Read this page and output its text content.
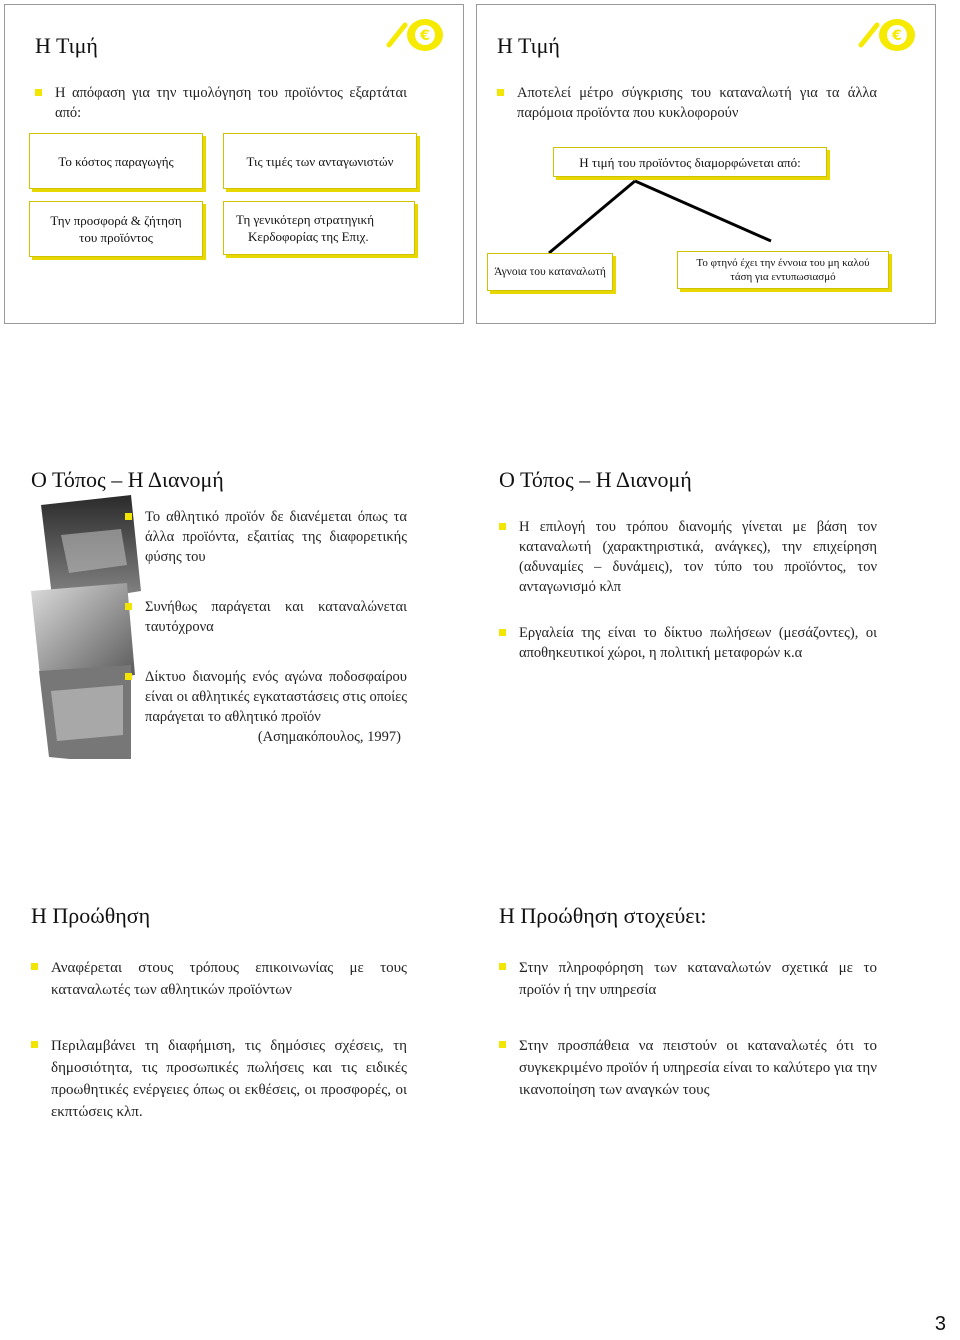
Η Τιμή	€
Η απόφαση για την τιμολόγηση του προϊόντος εξαρτάται από:
Το κόστος παραγωγής	Τις τιμές των ανταγωνιστών
Την προσφορά & ζήτηση
του προϊόντος
Τη γενικότερη στρατηγική
Κερδοφορίας της Επιχ.
Η Τιμή	€
Αποτελεί μέτρο σύγκρισης του καταναλωτή για τα άλλα παρόμοια προϊόντα που κυκλοφορούν
Η τιμή του προϊόντος διαμορφώνεται από:
Άγνοια του καταναλωτή
Το φτηνό έχει την έννοια του μη καλού
τάση για εντυπωσιασμό
Ο Τόπος – Η Διανομή
Το αθλητικό προϊόν δε διανέμεται όπως τα άλλα προϊόντα, εξαιτίας της διαφορετικής φύσης του
Συνήθως παράγεται και καταναλώνεται ταυτόχρονα
Δίκτυο διανομής ενός αγώνα ποδοσφαίρου είναι οι αθλητικές εγκαταστάσεις στις οποίες παράγεται το αθλητικό προϊόν
(Ασημακόπουλος, 1997)
Ο Τόπος – Η Διανομή
Η επιλογή του τρόπου διανομής γίνεται με βάση τον καταναλωτή (χαρακτηριστικά, ανάγκες), την επιχείρηση (αδυναμίες – δυνάμεις), τον τύπο του προϊόντος, τον ανταγωνισμό κλπ
Εργαλεία της είναι το δίκτυο πωλήσεων (μεσάζοντες), οι αποθηκευτικοί χώροι, η πολιτική μεταφορών κ.α
Η Προώθηση
Αναφέρεται στους τρόπους επικοινωνίας με τους καταναλωτές των αθλητικών προϊόντων
Περιλαμβάνει τη διαφήμιση, τις δημόσιες σχέσεις, τη δημοσιότητα, τις προσωπικές πωλήσεις και τις ειδικές προωθητικές ενέργειες όπως οι εκθέσεις, οι προσφορές, οι εκπτώσεις κλπ.
Η Προώθηση στοχεύει:
Στην πληροφόρηση των καταναλωτών σχετικά με το προϊόν ή την υπηρεσία
Στην προσπάθεια να πειστούν οι καταναλωτές ότι το συγκεκριμένο προϊόν ή υπηρεσία είναι το καλύτερο για την ικανοποίηση των αναγκών τους
3
